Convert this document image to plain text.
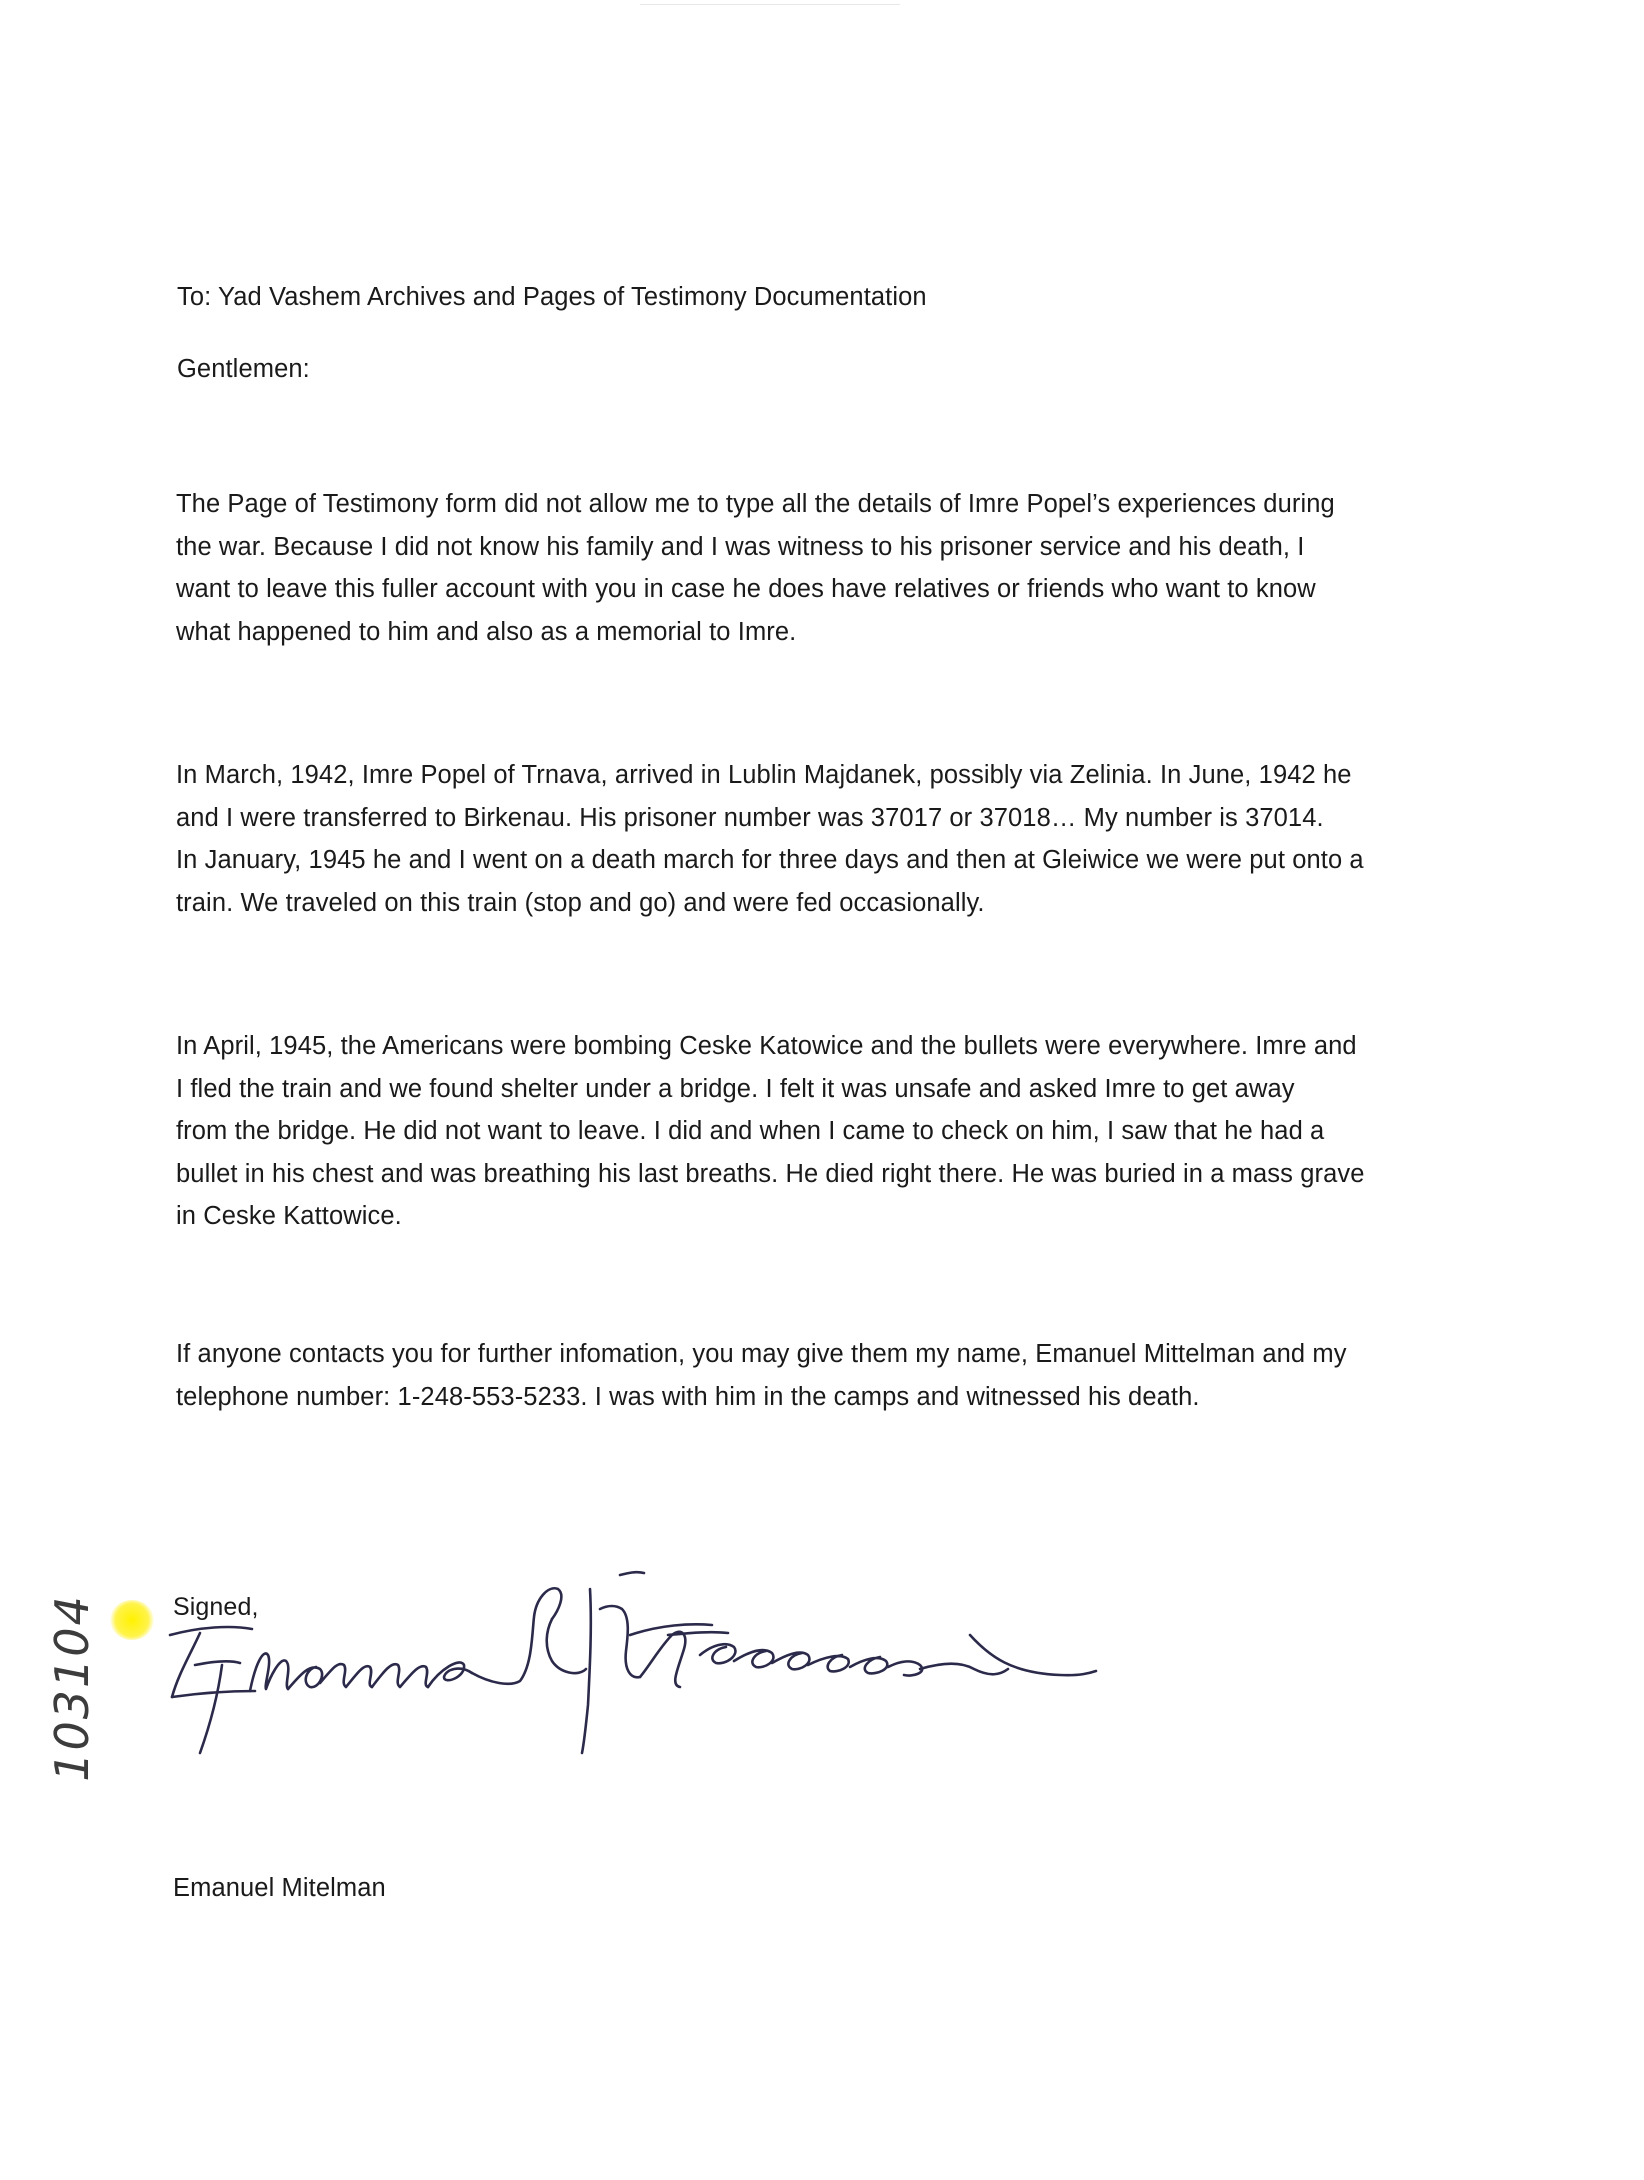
To: Yad Vashem Archives and Pages of Testimony Documentation
Gentlemen:
The Page of Testimony form did not allow me to type all the details of Imre Popel’s experiences during
the war. Because I did not know his family and I was witness to his prisoner service and his death, I
want to leave this fuller account with you in case he does have relatives or friends who want to know
what happened to him and also as a memorial to Imre.
In March, 1942, Imre Popel of Trnava, arrived in Lublin Majdanek, possibly via Zelinia. In June, 1942 he
and I were transferred to Birkenau. His prisoner number was 37017 or 37018… My number is 37014.
In January, 1945 he and I went on a death march for three days and then at Gleiwice we were put onto a
train. We traveled on this train (stop and go) and were fed occasionally.
In April, 1945, the Americans were bombing Ceske Katowice and the bullets were everywhere. Imre and
I fled the train and we found shelter under a bridge. I felt it was unsafe and asked Imre to get away
from the bridge. He did not want to leave. I did and when I came to check on him, I saw that he had a
bullet in his chest and was breathing his last breaths. He died right there. He was buried in a mass grave
in Ceske Kattowice.
If anyone contacts you for further infomation, you may give them my name, Emanuel Mittelman and my
telephone number: 1-248-553-5233. I was with him in the camps and witnessed his death.
103104	Signed,
Emanuel Mitelman
